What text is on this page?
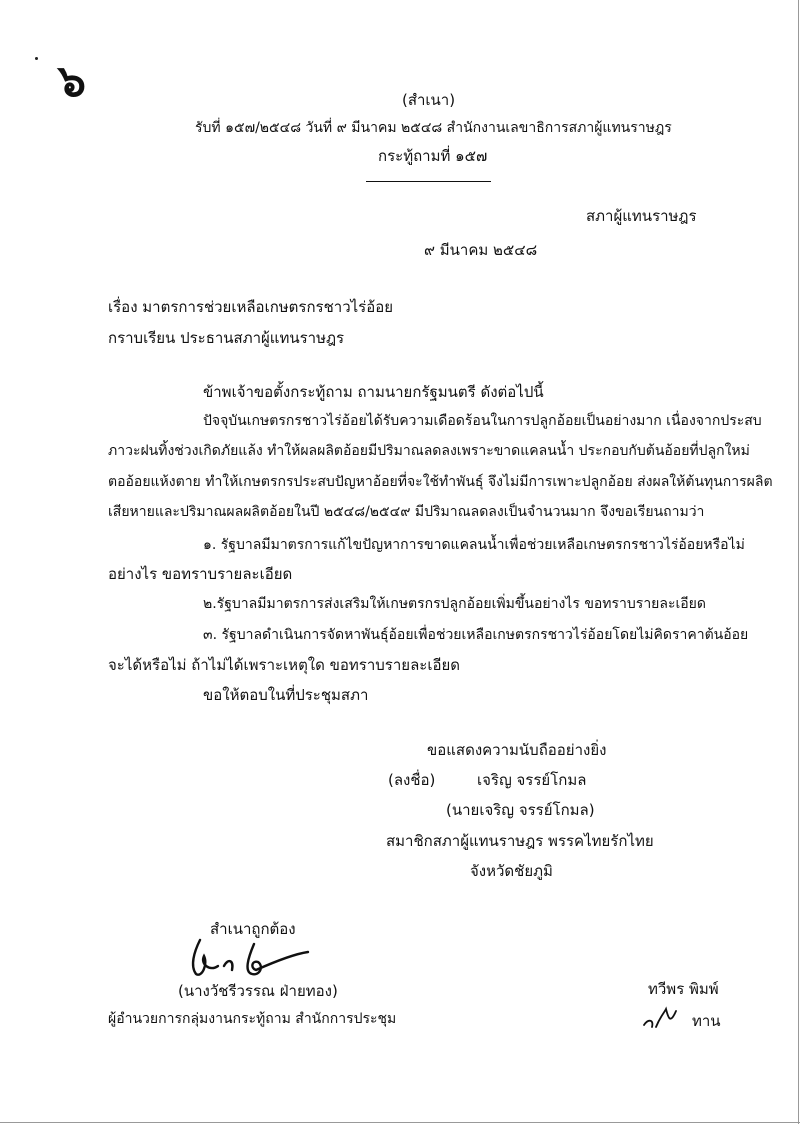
๖	(สำเนา)
รับที่ ๑๕๗/๒๕๔๘ วันที่ ๙ มีนาคม ๒๕๔๘ สำนักงานเลขาธิการสภาผู้แทนราษฎร
กระทู้ถามที่ ๑๕๗
สภาผู้แทนราษฎร
๙ มีนาคม ๒๕๔๘
เรื่อง มาตรการช่วยเหลือเกษตรกรชาวไร่อ้อย
กราบเรียน ประธานสภาผู้แทนราษฎร
ข้าพเจ้าขอตั้งกระทู้ถาม ถามนายกรัฐมนตรี ดังต่อไปนี้
ปัจจุบันเกษตรกรชาวไร่อ้อยได้รับความเดือดร้อนในการปลูกอ้อยเป็นอย่างมาก เนื่องจากประสบ
ภาวะฝนทิ้งช่วงเกิดภัยแล้ง ทำให้ผลผลิตอ้อยมีปริมาณลดลงเพราะขาดแคลนน้ำ ประกอบกับต้นอ้อยที่ปลูกใหม่
ตออ้อยแห้งตาย ทำให้เกษตรกรประสบปัญหาอ้อยที่จะใช้ทำพันธุ์ จึงไม่มีการเพาะปลูกอ้อย ส่งผลให้ต้นทุนการผลิต
เสียหายและปริมาณผลผลิตอ้อยในปี ๒๕๔๘/๒๕๔๙ มีปริมาณลดลงเป็นจำนวนมาก จึงขอเรียนถามว่า
๑. รัฐบาลมีมาตรการแก้ไขปัญหาการขาดแคลนน้ำเพื่อช่วยเหลือเกษตรกรชาวไร่อ้อยหรือไม่
อย่างไร ขอทราบรายละเอียด
๒.รัฐบาลมีมาตรการส่งเสริมให้เกษตรกรปลูกอ้อยเพิ่มขึ้นอย่างไร ขอทราบรายละเอียด
๓. รัฐบาลดำเนินการจัดหาพันธุ์อ้อยเพื่อช่วยเหลือเกษตรกรชาวไร่อ้อยโดยไม่คิดราคาต้นอ้อย
จะได้หรือไม่ ถ้าไม่ได้เพราะเหตุใด ขอทราบรายละเอียด
ขอให้ตอบในที่ประชุมสภา
ขอแสดงความนับถืออย่างยิ่ง
(ลงชื่อ)	เจริญ จรรย์โกมล
(นายเจริญ จรรย์โกมล)
สมาชิกสภาผู้แทนราษฎร พรรคไทยรักไทย
จังหวัดชัยภูมิ
สำเนาถูกต้อง
(นางวัชรีวรรณ ฝ่ายทอง)
ผู้อำนวยการกลุ่มงานกระทู้ถาม สำนักการประชุม
ทวีพร พิมพ์
ทาน
